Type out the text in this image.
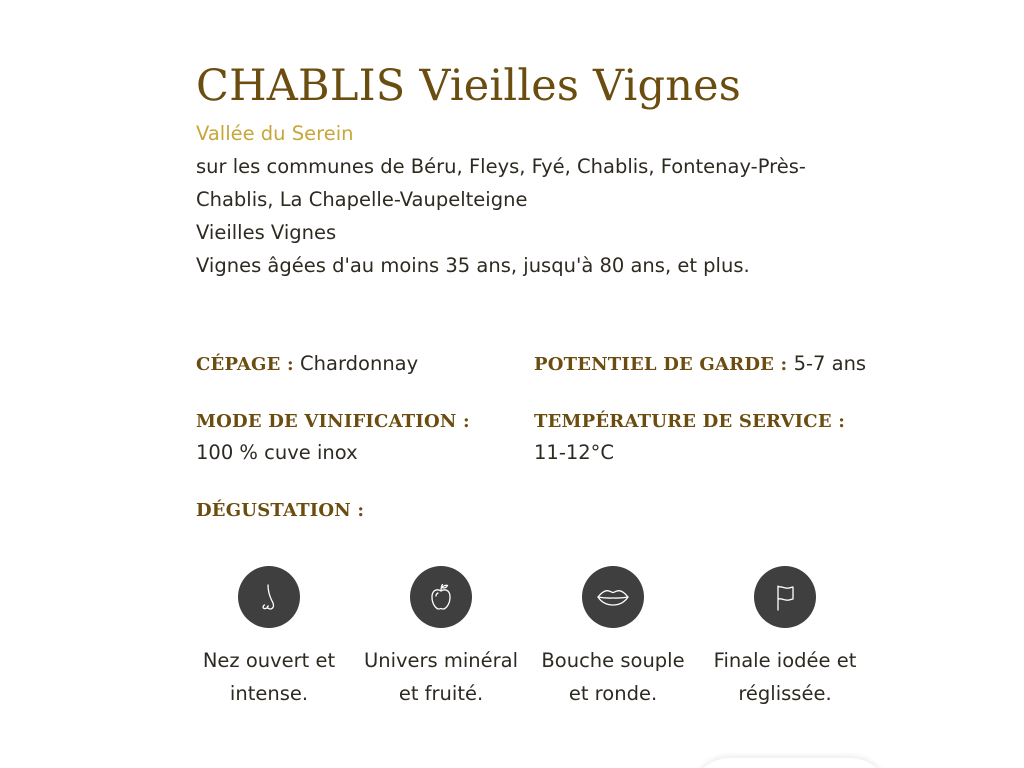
CHABLIS Vieilles Vignes
Vallée du Serein
sur les communes de Béru, Fleys, Fyé, Chablis, Fontenay-Près-Chablis, La Chapelle-Vaupelteigne
Vieilles Vignes
Vignes âgées d'au moins 35 ans, jusqu'à 80 ans, et plus.
CÉPAGE : Chardonnay	POTENTIEL DE GARDE : 5-7 ans
MODE DE VINIFICATION :
100 % cuve inox
TEMPÉRATURE DE SERVICE :
11-12°C
DÉGUSTATION :
Nez ouvert et intense.
Univers minéral et fruité.
Bouche souple et ronde.
Finale iodée et réglissée.
